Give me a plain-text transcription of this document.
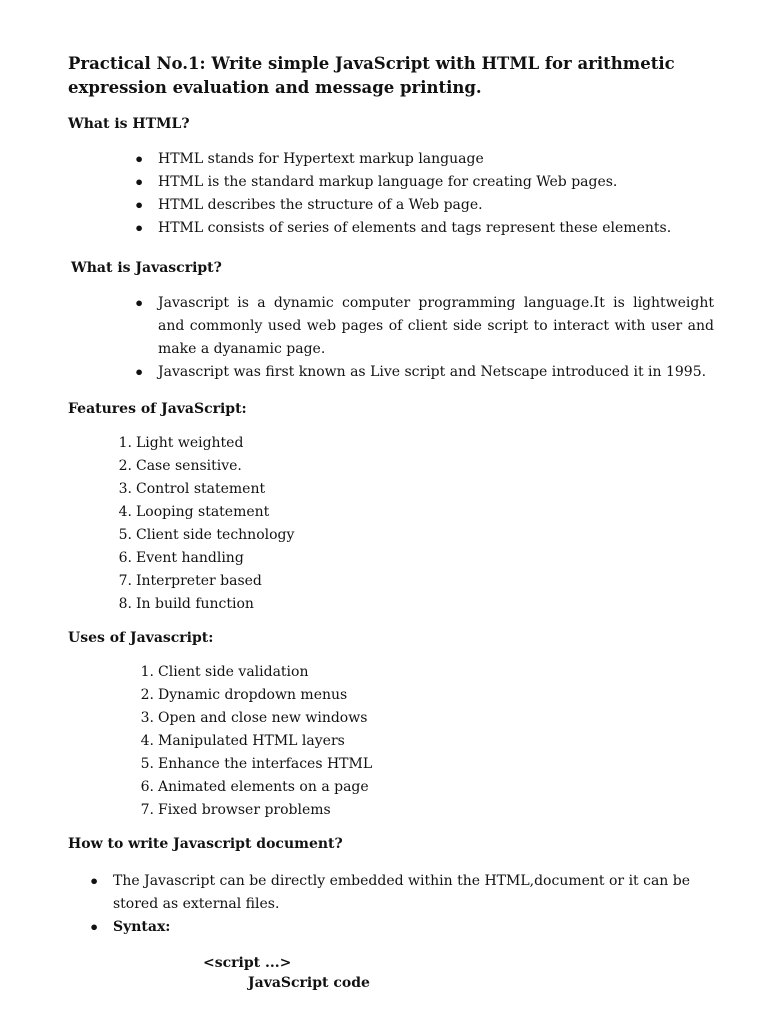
Practical No.1: Write simple JavaScript with HTML for arithmetic expression evaluation and message printing.
What is HTML?
• HTML stands for Hypertext markup language
• HTML is the standard markup language for creating Web pages.
• HTML describes the structure of a Web page.
• HTML consists of series of elements and tags represent these elements.
What is Javascript?
• Javascript is a dynamic computer programming language.It is lightweight and commonly used web pages of client side script to interact with user and make a dyanamic page.
• Javascript was first known as Live script and Netscape introduced it in 1995.
Features of JavaScript:
1. Light weighted
2. Case sensitive.
3. Control statement
4. Looping statement
5. Client side technology
6. Event handling
7. Interpreter based
8. In build function
Uses of Javascript:
1. Client side validation
2. Dynamic dropdown menus
3. Open and close new windows
4. Manipulated HTML layers
5. Enhance the interfaces HTML
6. Animated elements on a page
7. Fixed browser problems
How to write Javascript document?
• The Javascript can be directly embedded within the HTML,document or it can be stored as external files.
• Syntax:
<script ...>
JavaScript code
